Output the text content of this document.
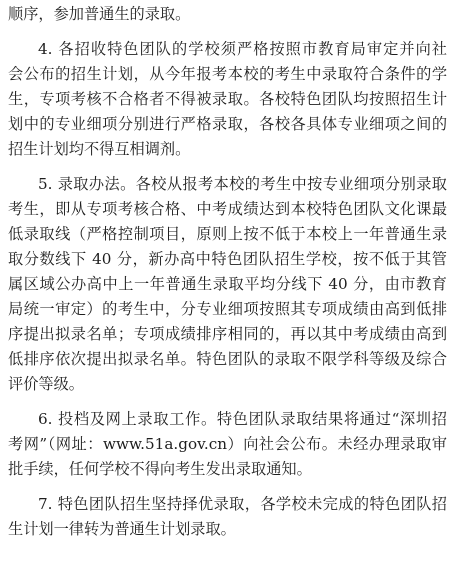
顺序，参加普通生的录取。
4. 各招收特色团队的学校须严格按照市教育局审定并向社
会公布的招生计划，从今年报考本校的考生中录取符合条件的学
生，专项考核不合格者不得被录取。各校特色团队均按照招生计
划中的专业细项分别进行严格录取，各校各具体专业细项之间的
招生计划均不得互相调剂。
5. 录取办法。各校从报考本校的考生中按专业细项分别录取
考生，即从专项考核合格、中考成绩达到本校特色团队文化课最
低录取线（严格控制项目，原则上按不低于本校上一年普通生录
取分数线下 40 分，新办高中特色团队招生学校，按不低于其管
属区域公办高中上一年普通生录取平均分线下 40 分，由市教育
局统一审定）的考生中，分专业细项按照其专项成绩由高到低排
序提出拟录名单；专项成绩排序相同的，再以其中考成绩由高到
低排序依次提出拟录名单。特色团队的录取不限学科等级及综合
评价等级。
6. 投档及网上录取工作。特色团队录取结果将通过“深圳招
考网”（网址：www.51a.gov.cn）向社会公布。未经办理录取审
批手续，任何学校不得向考生发出录取通知。
7. 特色团队招生坚持择优录取，各学校未完成的特色团队招
生计划一律转为普通生计划录取。
